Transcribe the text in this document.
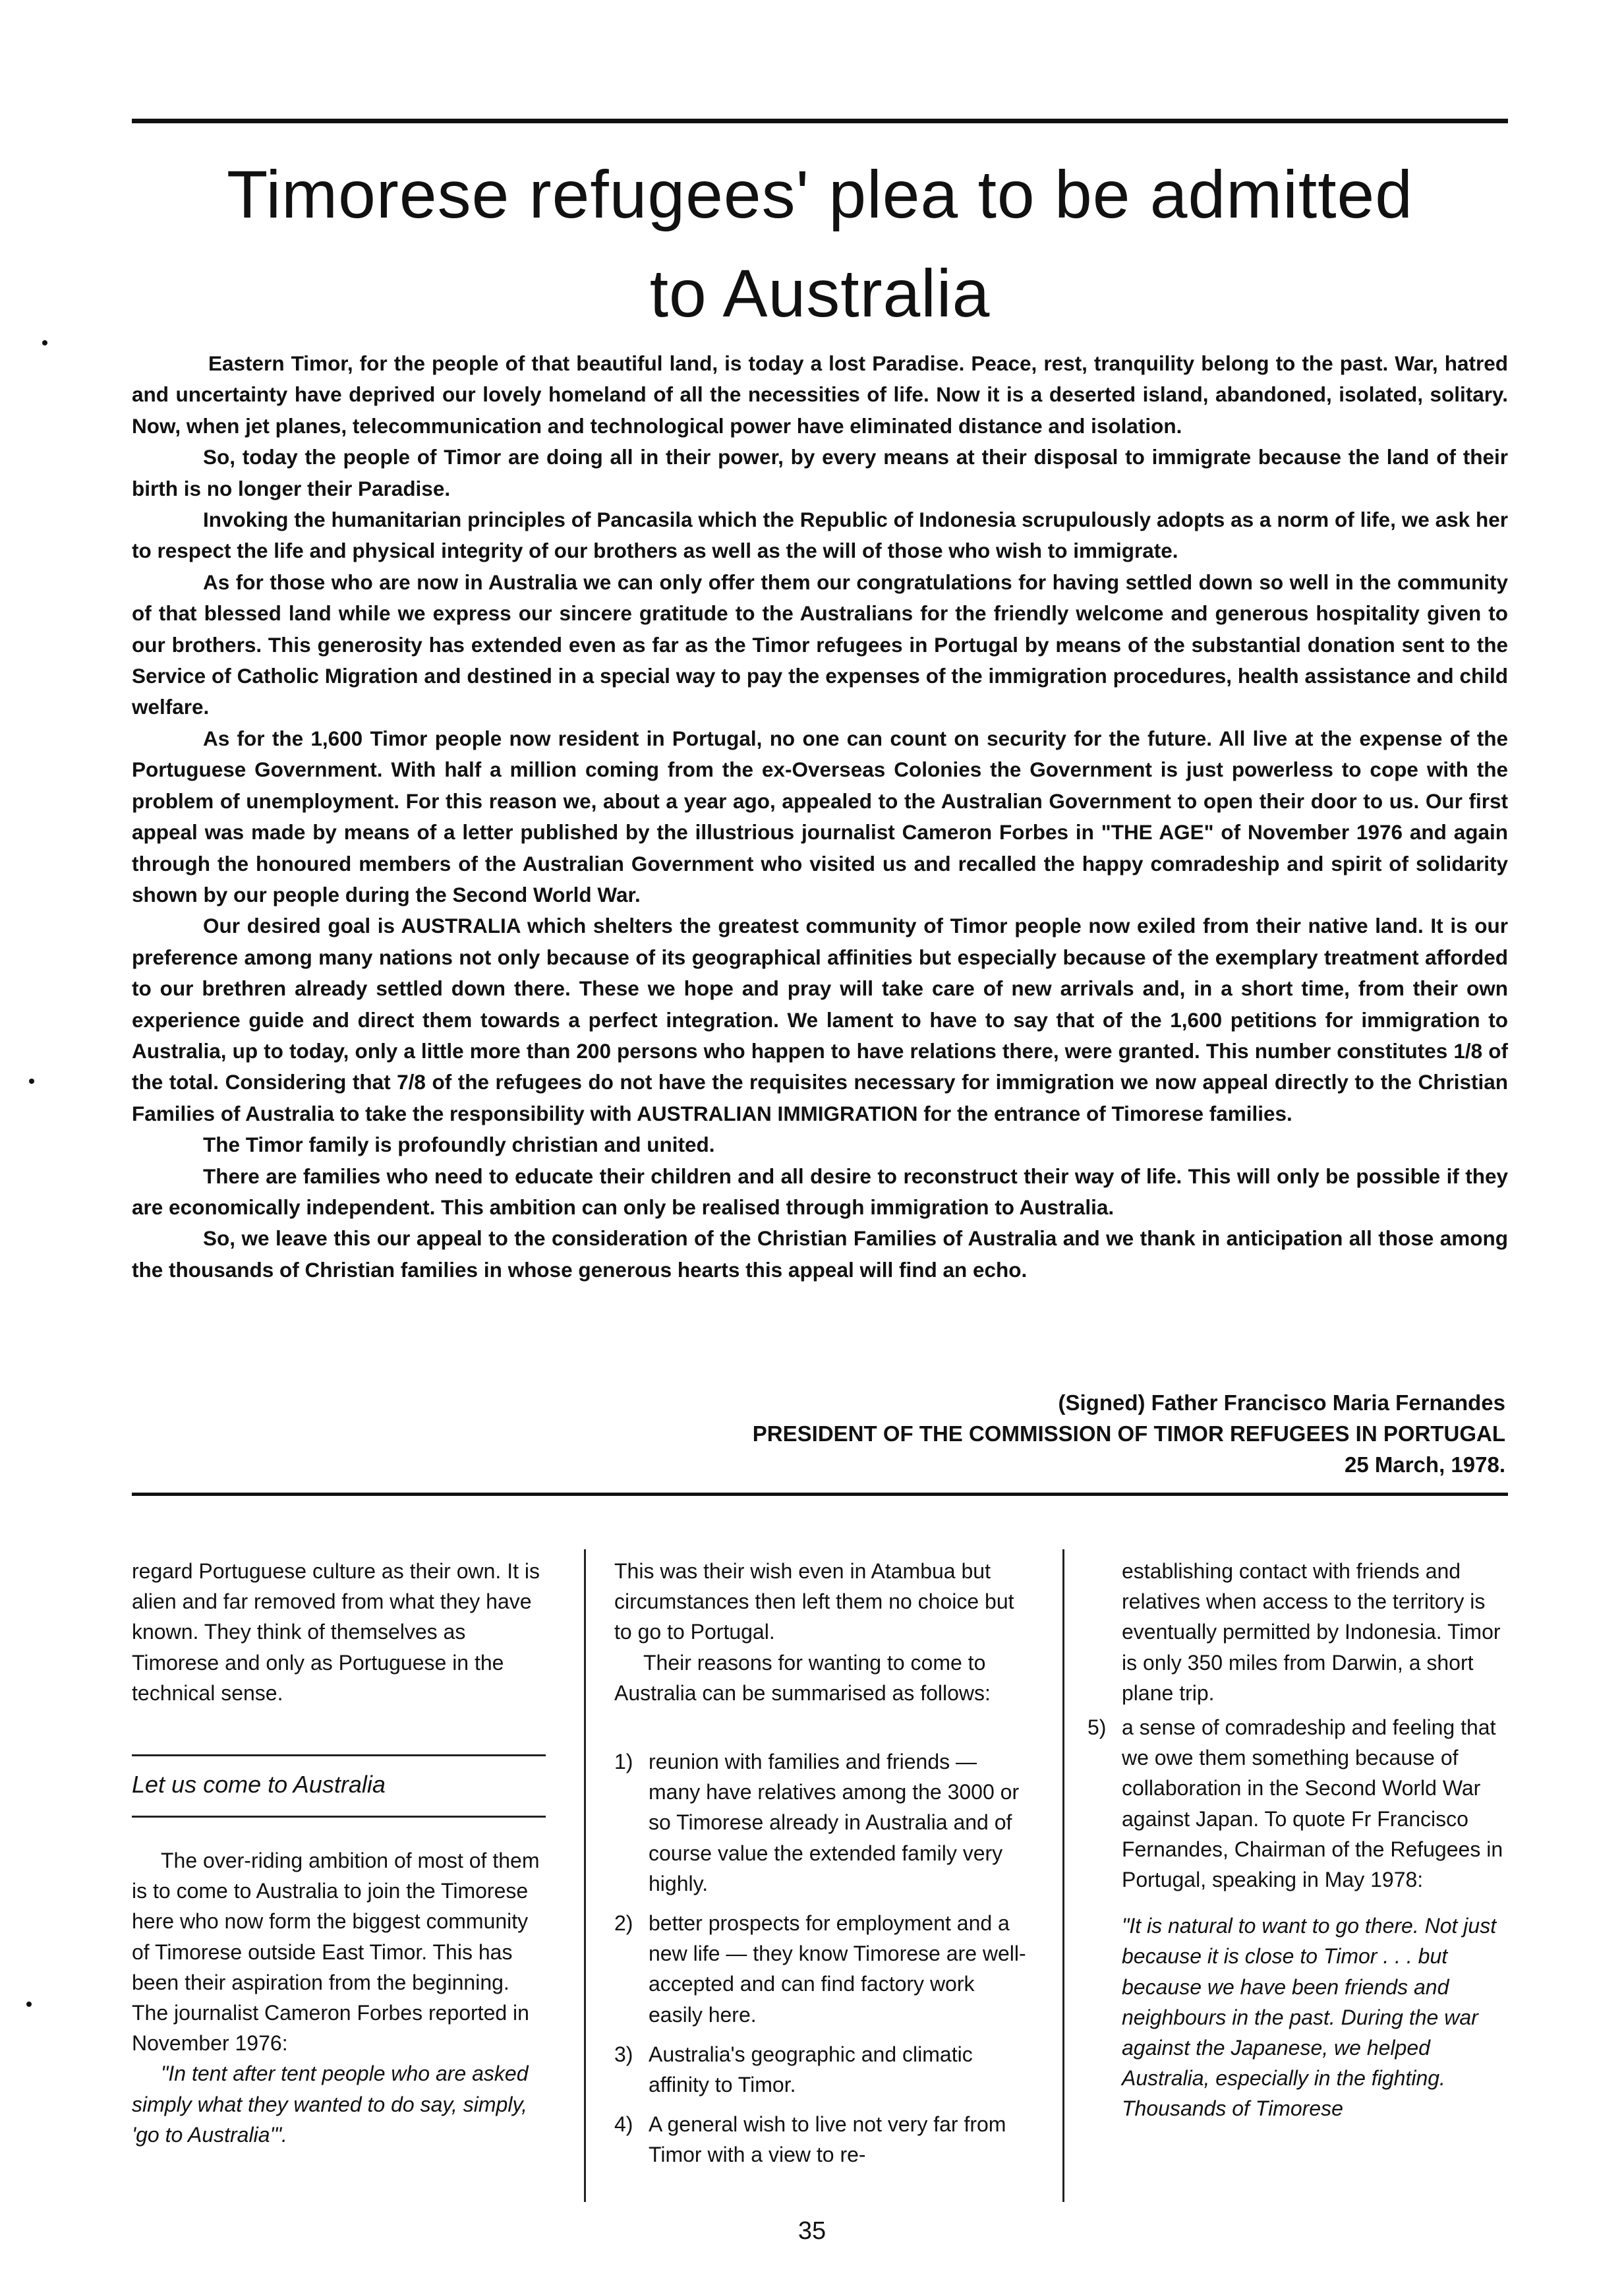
Timorese refugees' plea to be admitted
to Australia

Eastern Timor, for the people of that beautiful land, is today a lost Paradise. Peace, rest, tranquility belong to the past. War, hatred and uncertainty have deprived our lovely homeland of all the necessities of life. Now it is a deserted island, abandoned, isolated, solitary. Now, when jet planes, telecommunication and technological power have eliminated distance and isolation.

So, today the people of Timor are doing all in their power, by every means at their disposal to immigrate because the land of their birth is no longer their Paradise.

Invoking the humanitarian principles of Pancasila which the Republic of Indonesia scrupulously adopts as a norm of life, we ask her to respect the life and physical integrity of our brothers as well as the will of those who wish to immigrate.

As for those who are now in Australia we can only offer them our congratulations for having settled down so well in the community of that blessed land while we express our sincere gratitude to the Australians for the friendly welcome and generous hospitality given to our brothers. This generosity has extended even as far as the Timor refugees in Portugal by means of the substantial donation sent to the Service of Catholic Migration and destined in a special way to pay the expenses of the immigration procedures, health assistance and child welfare.

As for the 1,600 Timor people now resident in Portugal, no one can count on security for the future. All live at the expense of the Portuguese Government. With half a million coming from the ex-Overseas Colonies the Government is just powerless to cope with the problem of unemployment. For this reason we, about a year ago, appealed to the Australian Government to open their door to us. Our first appeal was made by means of a letter published by the illustrious journalist Cameron Forbes in "THE AGE" of November 1976 and again through the honoured members of the Australian Government who visited us and recalled the happy comradeship and spirit of solidarity shown by our people during the Second World War.

Our desired goal is AUSTRALIA which shelters the greatest community of Timor people now exiled from their native land. It is our preference among many nations not only because of its geographical affinities but especially because of the exemplary treatment afforded to our brethren already settled down there. These we hope and pray will take care of new arrivals and, in a short time, from their own experience guide and direct them towards a perfect integration. We lament to have to say that of the 1,600 petitions for immigration to Australia, up to today, only a little more than 200 persons who happen to have relations there, were granted. This number constitutes 1/8 of the total. Considering that 7/8 of the refugees do not have the requisites necessary for immigration we now appeal directly to the Christian Families of Australia to take the responsibility with AUSTRALIAN IMMIGRATION for the entrance of Timorese families.

The Timor family is profoundly christian and united.

There are families who need to educate their children and all desire to reconstruct their way of life. This will only be possible if they are economically independent. This ambition can only be realised through immigration to Australia.

So, we leave this our appeal to the consideration of the Christian Families of Australia and we thank in anticipation all those among the thousands of Christian families in whose generous hearts this appeal will find an echo.

(Signed) Father Francisco Maria Fernandes
PRESIDENT OF THE COMMISSION OF TIMOR REFUGEES IN PORTUGAL
25 March, 1978.

regard Portuguese culture as their own. It is alien and far removed from what they have known. They think of themselves as Timorese and only as Portuguese in the technical sense.

Let us come to Australia

The over-riding ambition of most of them is to come to Australia to join the Timorese here who now form the biggest community of Timorese outside East Timor. This has been their aspiration from the beginning. The journalist Cameron Forbes reported in November 1976:

"In tent after tent people who are asked simply what they wanted to do say, simply, 'go to Australia'".

This was their wish even in Atambua but circumstances then left them no choice but to go to Portugal.

Their reasons for wanting to come to Australia can be summarised as follows:

1) reunion with families and friends — many have relatives among the 3000 or so Timorese already in Australia and of course value the extended family very highly.
2) better prospects for employment and a new life — they know Timorese are well-accepted and can find factory work easily here.
3) Australia's geographic and climatic affinity to Timor.
4) A general wish to live not very far from Timor with a view to re-

establishing contact with friends and relatives when access to the territory is eventually permitted by Indonesia. Timor is only 350 miles from Darwin, a short plane trip.

5) a sense of comradeship and feeling that we owe them something because of collaboration in the Second World War against Japan. To quote Fr Francisco Fernandes, Chairman of the Refugees in Portugal, speaking in May 1978:

"It is natural to want to go there. Not just because it is close to Timor . . . but because we have been friends and neighbours in the past. During the war against the Japanese, we helped Australia, especially in the fighting. Thousands of Timorese

35
